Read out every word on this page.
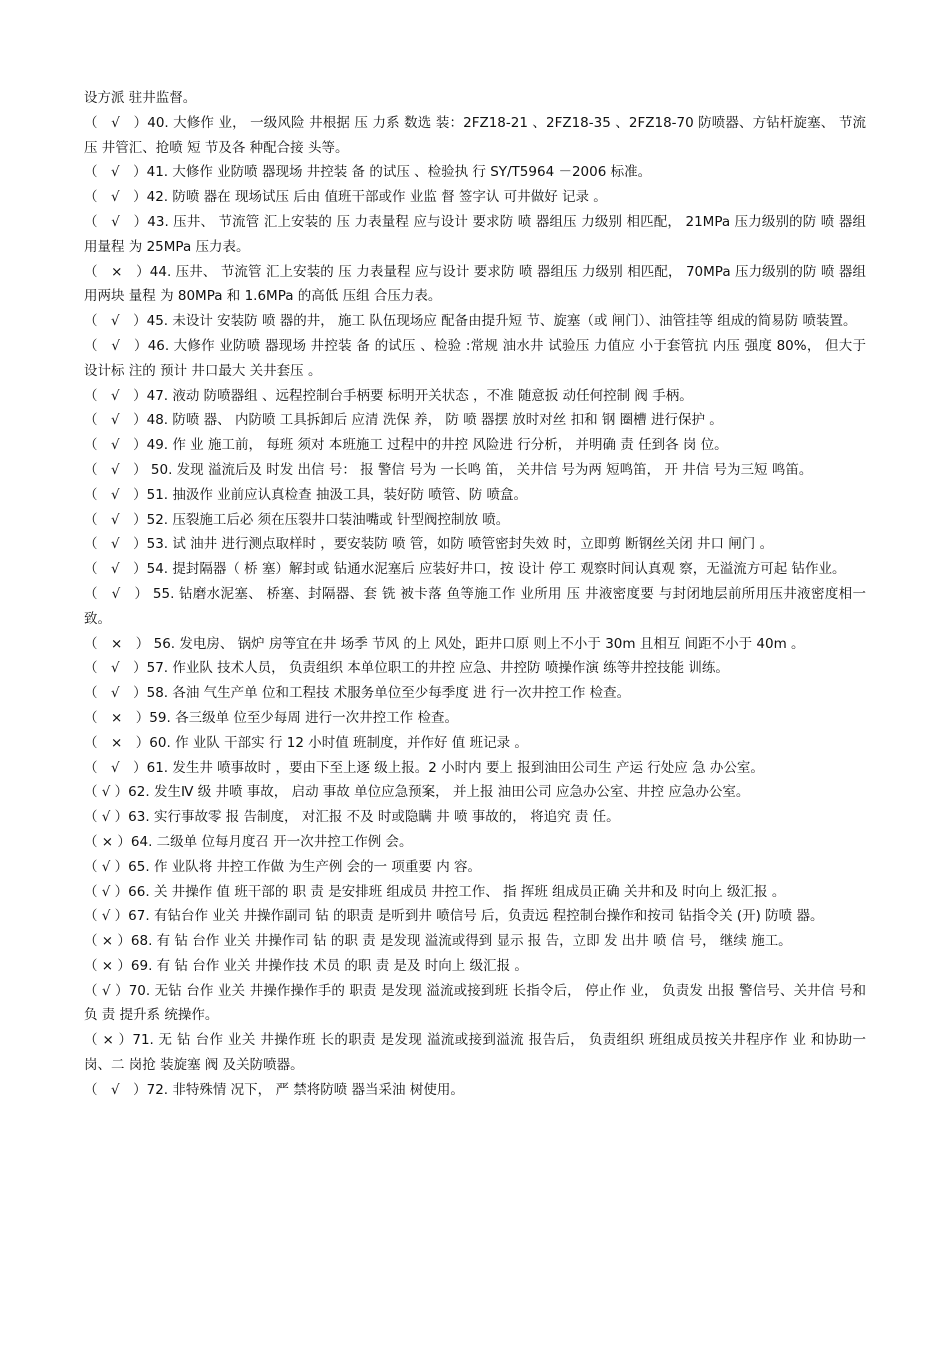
设方派 驻井监督。

（　√　）40. 大修作 业， 一级风险 井根据 压 力系 数选 装：2FZ18-21 、2FZ18-35 、2FZ18-70 防喷器、方钻杆旋塞、 节流压 井管汇、抢喷 短 节及各 种配合接 头等。

（　√　）41. 大修作 业防喷 器现场 井控装 备 的试压 、检验执 行 SY/T5964 －2006 标准。

（　√　）42. 防喷 器在 现场试压 后由 值班干部或作 业监 督 签字认 可井做好 记录 。

（　√　）43. 压井、 节流管 汇上安装的 压 力表量程 应与设计 要求防 喷 器组压 力级别 相匹配， 21MPa 压力级别的防 喷 器组用量程 为 25MPa 压力表。

（　×　）44. 压井、 节流管 汇上安装的 压 力表量程 应与设计 要求防 喷 器组压 力级别 相匹配， 70MPa 压力级别的防 喷 器组用两块 量程 为 80MPa 和 1.6MPa 的高低 压组 合压力表。

（　√　）45. 未设计 安装防 喷 器的井， 施工 队伍现场应 配备由提升短 节、旋塞（或 闸门）、油管挂等 组成的简易防 喷装置。

（　√　）46. 大修作 业防喷 器现场 井控装 备 的试压 、检验 :常规 油水井 试验压 力值应 小于套管抗 内压 强度 80%， 但大于 设计标 注的 预计 井口最大 关井套压 。

（　√　）47. 液动 防喷器组 、远程控制台手柄要 标明开关状态 ，不准 随意扳 动任何控制 阀 手柄。

（　√　）48. 防喷 器、 内防喷 工具拆卸后 应清 洗保 养， 防 喷 器摆 放时对丝 扣和 钢 圈槽 进行保护 。

（　√　）49. 作 业 施工前， 每班 须对 本班施工 过程中的井控 风险进 行分析， 并明确 责 任到各 岗 位。

（　√　） 50. 发现 溢流后及 时发 出信 号： 报 警信 号为 一长鸣 笛， 关井信 号为两 短鸣笛， 开 井信 号为三短 鸣笛。

（　√　）51. 抽汲作 业前应认真检查 抽汲工具，装好防 喷管、防 喷盒。

（　√　）52. 压裂施工后必 须在压裂井口装油嘴或 针型阀控制放 喷。

（　√　）53. 试 油井 进行测点取样时 ，要安装防 喷 管，如防 喷管密封失效 时，立即剪 断钢丝关闭 井口 闸门 。

（　√　）54. 提封隔器（ 桥 塞）解封或 钻通水泥塞后 应装好井口，按 设计 停工 观察时间认真观 察，无溢流方可起 钻作业。

（　√　） 55. 钻磨水泥塞、 桥塞、封隔器、套 铣 被卡落 鱼等施工作 业所用 压 井液密度要 与封闭地层前所用压井液密度相一致。

（　×　） 56. 发电房、 锅炉 房等宜在井 场季 节风 的上 风处，距井口原 则上不小于 30m 且相互 间距不小于 40m 。

（　√　）57. 作业队 技术人员， 负责组织 本单位职工的井控 应急、井控防 喷操作演 练等井控技能 训练。

（　√　）58. 各油 气生产单 位和工程技 术服务单位至少每季度 进 行一次井控工作 检查。

（　×　）59. 各三级单 位至少每周 进行一次井控工作 检查。

（　×　）60. 作 业队 干部实 行 12 小时值 班制度，并作好 值 班记录 。

（　√　）61. 发生井 喷事故时 ，要由下至上逐 级上报。2 小时内 要上 报到油田公司生 产运 行处应 急 办公室。

（ √ ）62. 发生Ⅳ 级 井喷 事故， 启动 事故 单位应急预案， 并上报 油田公司 应急办公室、井控 应急办公室。

（ √ ）63. 实行事故零 报 告制度， 对汇报 不及 时或隐瞒 井 喷 事故的， 将追究 责 任。

（ × ）64. 二级单 位每月度召 开一次井控工作例 会。

（ √ ）65. 作 业队将 井控工作做 为生产例 会的一 项重要 内 容。

（ √ ）66. 关 井操作 值 班干部的 职 责 是安排班 组成员 井控工作、 指 挥班 组成员正确 关井和及 时向上 级汇报 。

（ √ ）67. 有钻台作 业关 井操作副司 钻 的职责 是听到井 喷信号 后，负责远 程控制台操作和按司 钻指令关 (开) 防喷 器。

（ × ）68. 有 钻 台作 业关 井操作司 钻 的职 责 是发现 溢流或得到 显示 报 告，立即 发 出井 喷 信 号， 继续 施工。

（ × ）69. 有 钻 台作 业关 井操作技 术员 的职 责 是及 时向上 级汇报 。

（ √ ）70. 无钻 台作 业关 井操作操作手的 职责 是发现 溢流或接到班 长指令后， 停止作 业， 负责发 出报 警信号、关井信 号和负 责 提升系 统操作。

（ × ）71. 无 钻 台作 业关 井操作班 长的职责 是发现 溢流或接到溢流 报告后， 负责组织 班组成员按关井程序作 业 和协助一 岗、二 岗抢 装旋塞 阀 及关防喷器。

（　√　）72. 非特殊情 况下， 严 禁将防喷 器当采油 树使用。
